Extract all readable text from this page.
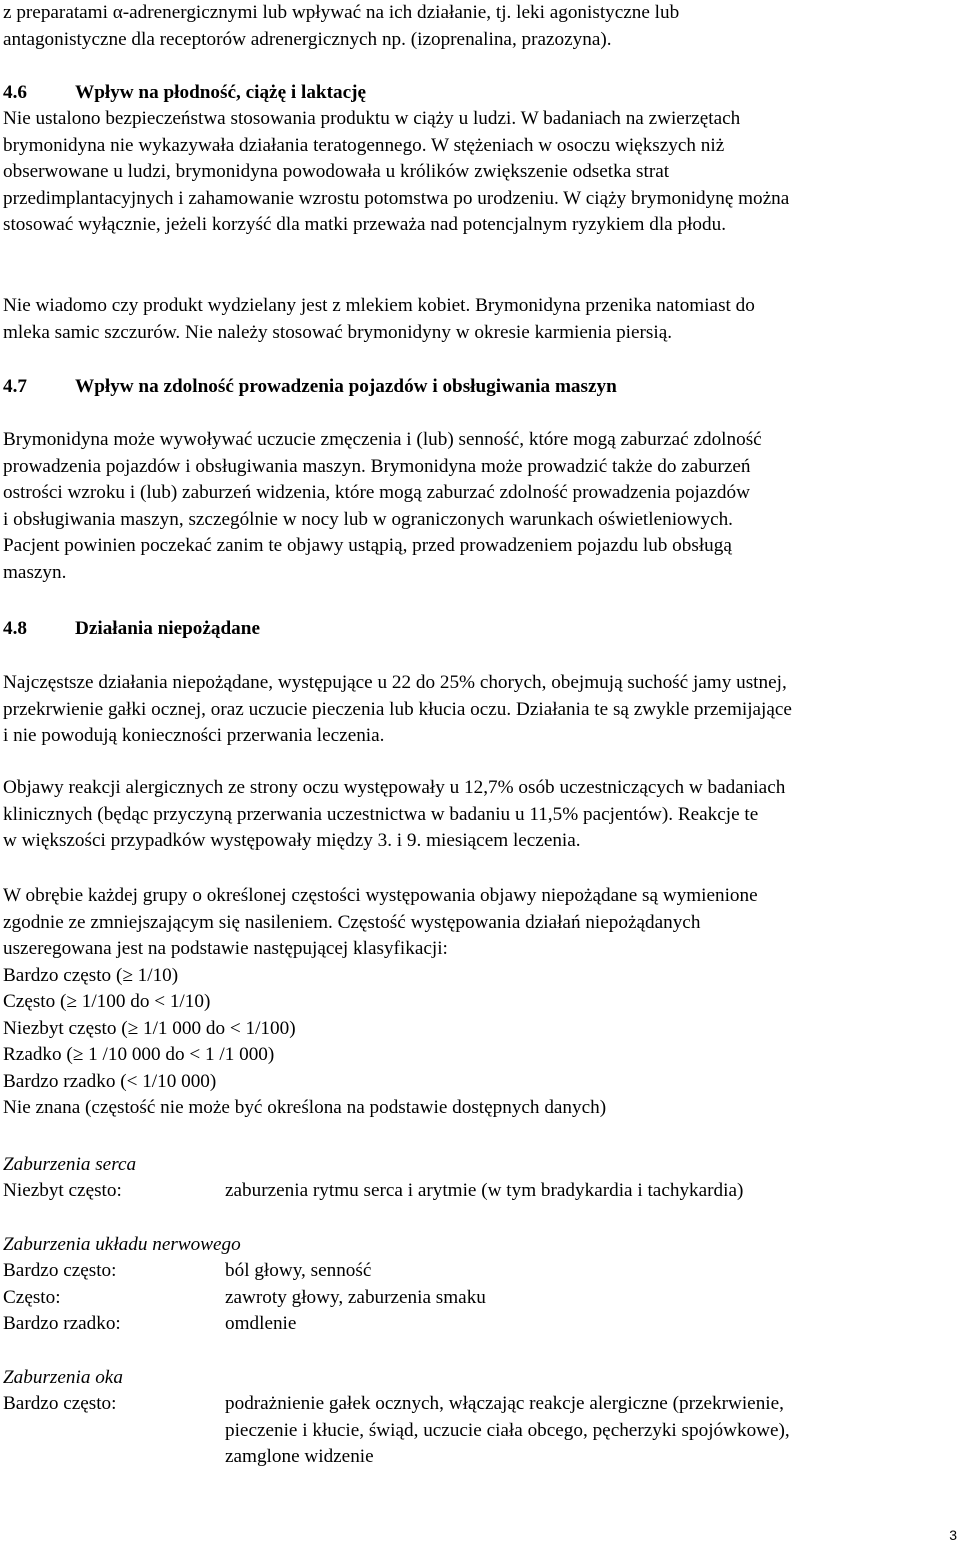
z preparatami α-adrenergicznymi lub wpływać na ich działanie, tj. leki agonistyczne lub
antagonistyczne dla receptorów adrenergicznych np. (izoprenalina, prazozyna).
4.6	Wpływ na płodność, ciążę i laktację
Nie ustalono bezpieczeństwa stosowania produktu w ciąży u ludzi. W badaniach na zwierzętach
brymonidyna nie wykazywała działania teratogennego. W stężeniach w osoczu większych niż
obserwowane u ludzi, brymonidyna powodowała u królików zwiększenie odsetka strat
przedimplantacyjnych i zahamowanie wzrostu potomstwa po urodzeniu. W ciąży brymonidynę można
stosować wyłącznie, jeżeli korzyść dla matki przeważa nad potencjalnym ryzykiem dla płodu.
Nie wiadomo czy produkt wydzielany jest z mlekiem kobiet. Brymonidyna przenika natomiast do
mleka samic szczurów. Nie należy stosować brymonidyny w okresie karmienia piersią.
4.7	Wpływ na zdolność prowadzenia pojazdów i obsługiwania maszyn
Brymonidyna może wywoływać uczucie zmęczenia i (lub) senność, które mogą zaburzać zdolność
prowadzenia pojazdów i obsługiwania maszyn. Brymonidyna może prowadzić także do zaburzeń
ostrości wzroku i (lub) zaburzeń widzenia, które mogą zaburzać zdolność prowadzenia pojazdów
i obsługiwania maszyn, szczególnie w nocy lub w ograniczonych warunkach oświetleniowych.
Pacjent powinien poczekać zanim te objawy ustąpią, przed prowadzeniem pojazdu lub obsługą
maszyn.
4.8	Działania niepożądane
Najczęstsze działania niepożądane, występujące u 22 do 25% chorych, obejmują suchość jamy ustnej,
przekrwienie gałki ocznej, oraz uczucie pieczenia lub kłucia oczu. Działania te są zwykle przemijające
i nie powodują konieczności przerwania leczenia.
Objawy reakcji alergicznych ze strony oczu występowały u 12,7% osób uczestniczących w badaniach
klinicznych (będąc przyczyną przerwania uczestnictwa w badaniu u 11,5% pacjentów). Reakcje te
w większości przypadków występowały między 3. i 9. miesiącem leczenia.
W obrębie każdej grupy o określonej częstości występowania objawy niepożądane są wymienione
zgodnie ze zmniejszającym się nasileniem. Częstość występowania działań niepożądanych
uszeregowana jest na podstawie następującej klasyfikacji:
Bardzo często (≥ 1/10)
Często (≥ 1/100 do < 1/10)
Niezbyt często (≥ 1/1 000 do < 1/100)
Rzadko (≥ 1 /10 000 do < 1 /1 000)
Bardzo rzadko (< 1/10 000)
Nie znana (częstość nie może być określona na podstawie dostępnych danych)
Zaburzenia serca
Niezbyt często:	zaburzenia rytmu serca i arytmie (w tym bradykardia i tachykardia)
Zaburzenia układu nerwowego
Bardzo często:	ból głowy, senność
Często:	zawroty głowy, zaburzenia smaku
Bardzo rzadko:	omdlenie
Zaburzenia oka
Bardzo często:	podrażnienie gałek ocznych, włączając reakcje alergiczne (przekrwienie,
pieczenie i kłucie, świąd, uczucie ciała obcego, pęcherzyki spojówkowe),
zamglone widzenie
3
